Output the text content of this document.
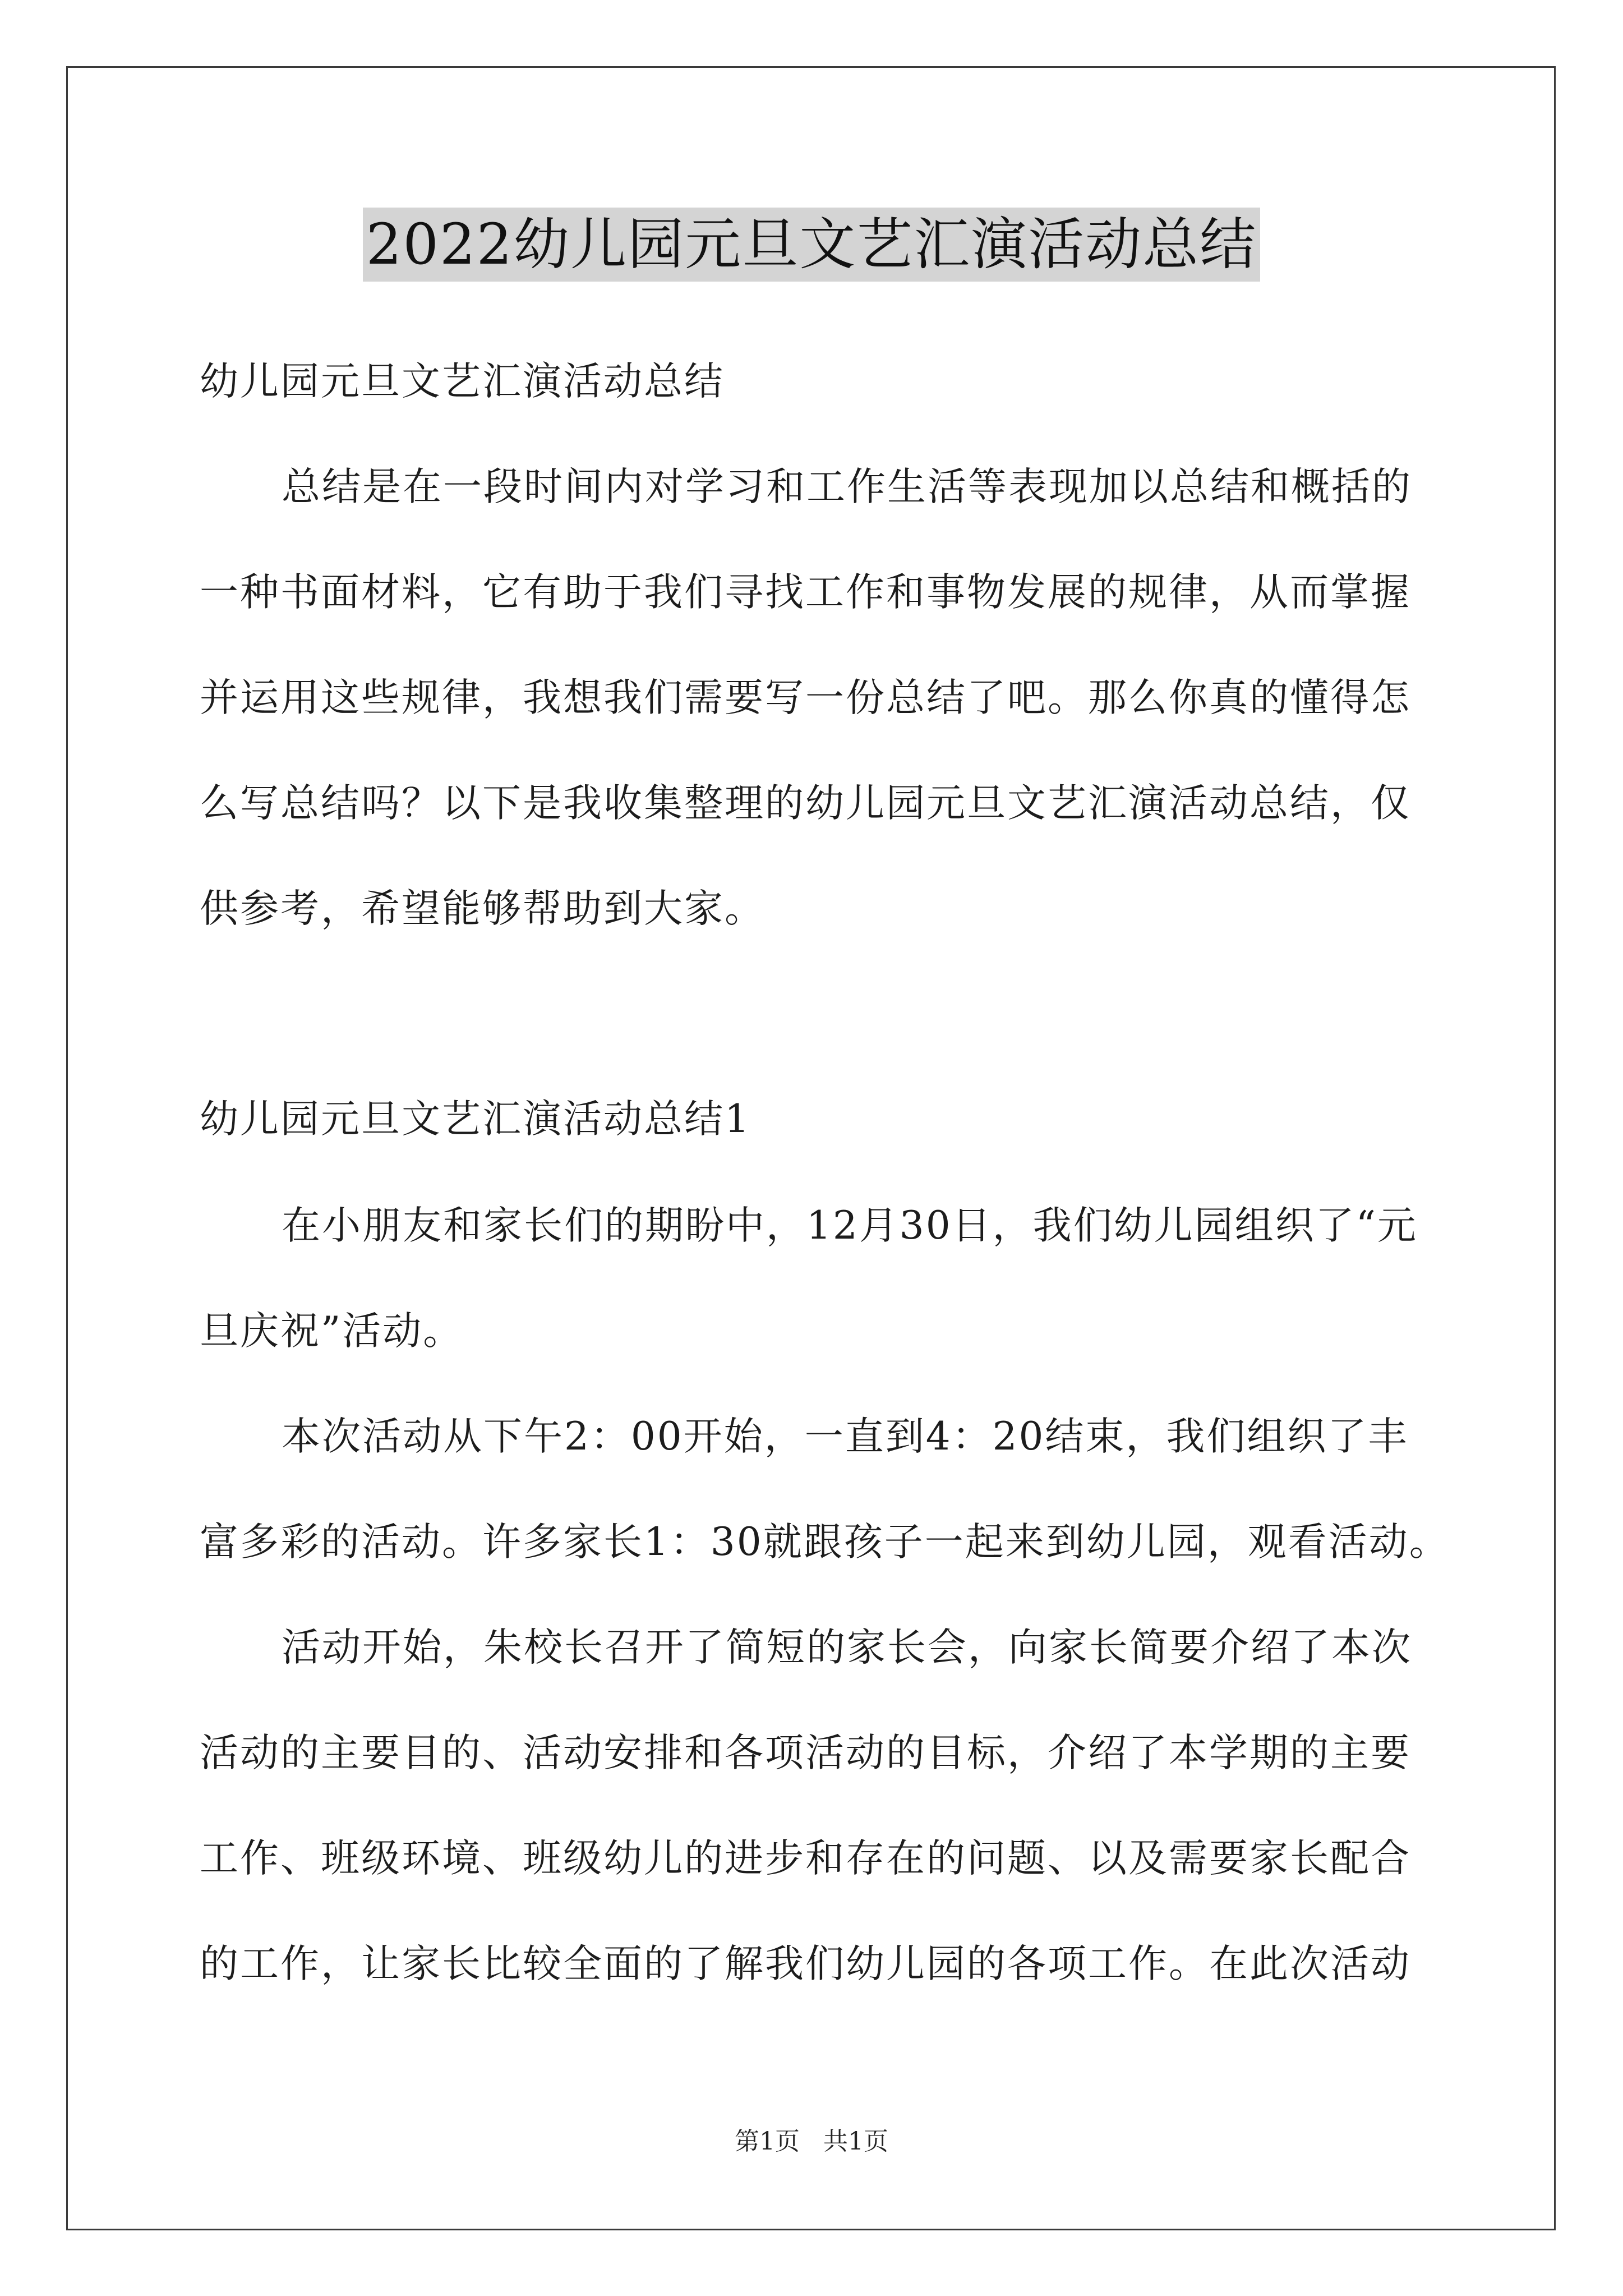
2022幼儿园元旦文艺汇演活动总结
幼儿园元旦文艺汇演活动总结
总结是在一段时间内对学习和工作生活等表现加以总结和概括的
一种书面材料，它有助于我们寻找工作和事物发展的规律，从而掌握
并运用这些规律，我想我们需要写一份总结了吧。那么你真的懂得怎
么写总结吗？以下是我收集整理的幼儿园元旦文艺汇演活动总结，仅
供参考，希望能够帮助到大家。
幼儿园元旦文艺汇演活动总结1
在小朋友和家长们的期盼中，12月30日，我们幼儿园组织了“元
旦庆祝”活动。
本次活动从下午2：00开始，一直到4：20结束，我们组织了丰
富多彩的活动。许多家长1：30就跟孩子一起来到幼儿园，观看活动。
活动开始，朱校长召开了简短的家长会，向家长简要介绍了本次
活动的主要目的、活动安排和各项活动的目标，介绍了本学期的主要
工作、班级环境、班级幼儿的进步和存在的问题、以及需要家长配合
的工作，让家长比较全面的了解我们幼儿园的各项工作。在此次活动
第1页   共1页
